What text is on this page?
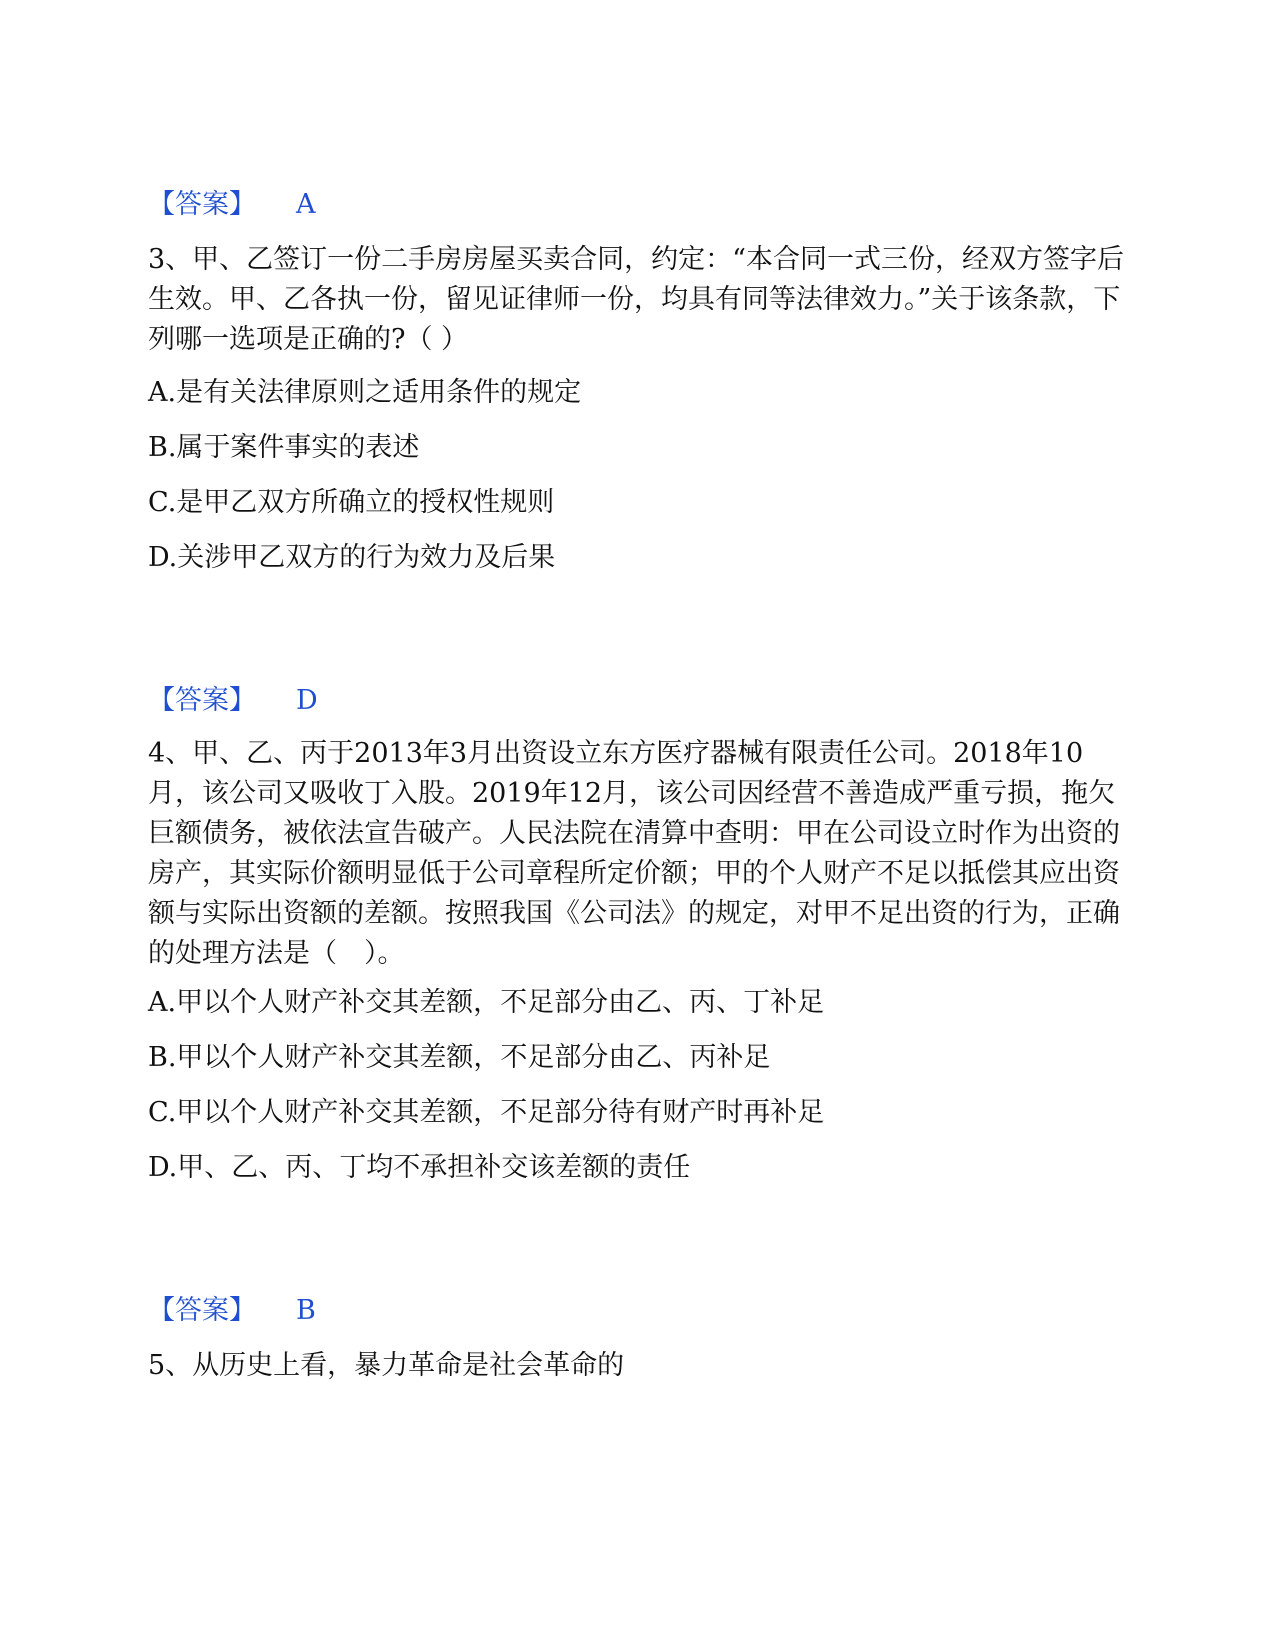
【答案】 A

3、甲、乙签订一份二手房房屋买卖合同，约定：“本合同一式三份，经双方签字后生效。甲、乙各执一份，留见证律师一份，均具有同等法律效力。”关于该条款，下列哪一选项是正确的?（ ）

A.是有关法律原则之适用条件的规定
B.属于案件事实的表述
C.是甲乙双方所确立的授权性规则
D.关涉甲乙双方的行为效力及后果
【答案】 D

4、甲、乙、丙于2013年3月出资设立东方医疗器械有限责任公司。2018年10月，该公司又吸收丁入股。2019年12月，该公司因经营不善造成严重亏损，拖欠巨额债务，被依法宣告破产。人民法院在清算中查明：甲在公司设立时作为出资的房产，其实际价额明显低于公司章程所定价额；甲的个人财产不足以抵偿其应出资额与实际出资额的差额。按照我国《公司法》的规定，对甲不足出资的行为，正确的处理方法是（　）。

A.甲以个人财产补交其差额，不足部分由乙、丙、丁补足
B.甲以个人财产补交其差额，不足部分由乙、丙补足
C.甲以个人财产补交其差额，不足部分待有财产时再补足
D.甲、乙、丙、丁均不承担补交该差额的责任
【答案】 B

5、从历史上看，暴力革命是社会革命的
